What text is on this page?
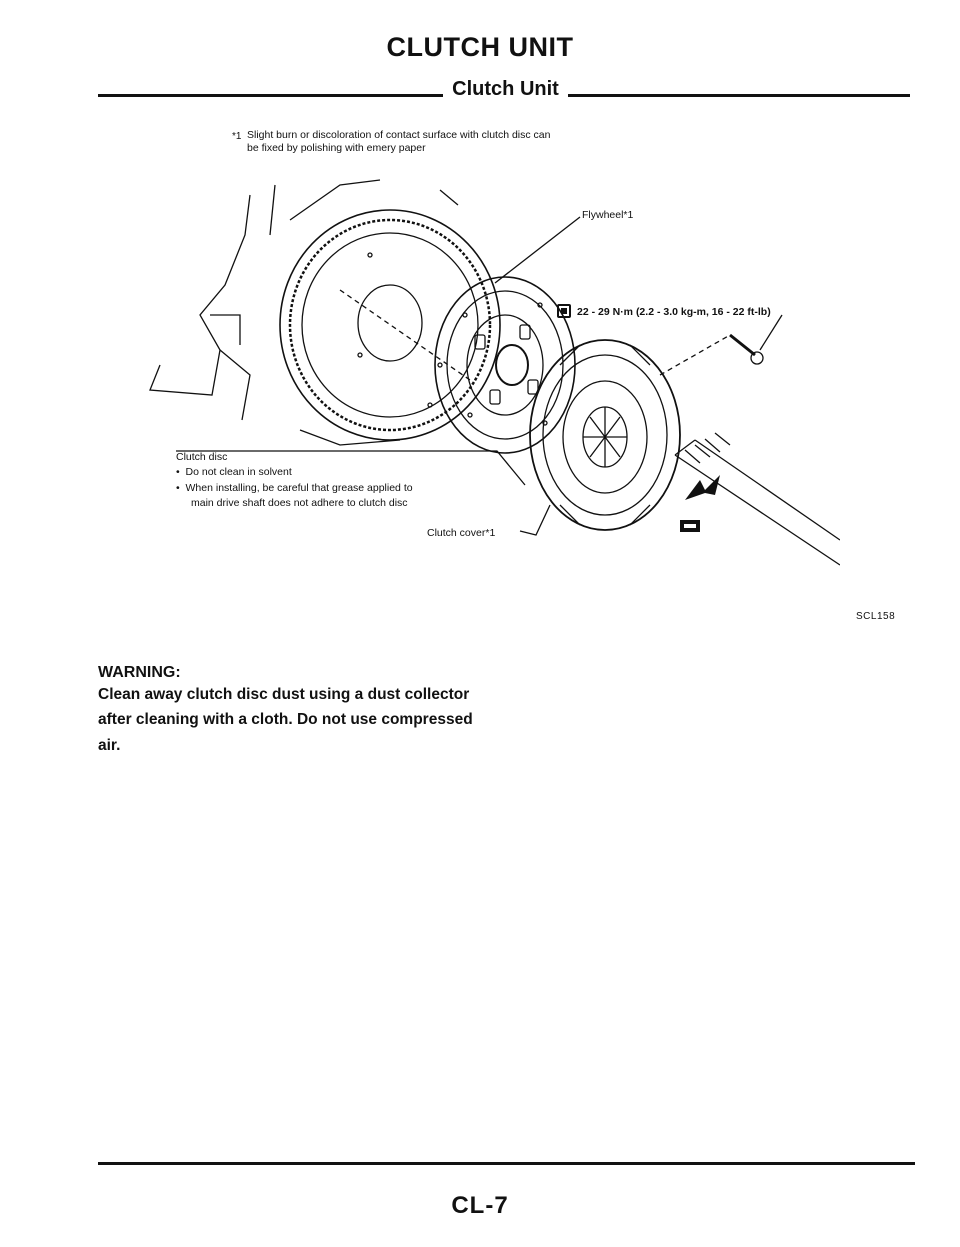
CLUTCH UNIT
Clutch Unit
*1 Slight burn or discoloration of contact surface with clutch disc can be fixed by polishing with emery paper
Flywheel*1
22 - 29 N·m (2.2 - 3.0 kg-m, 16 - 22 ft-lb)
Clutch disc
•  Do not clean in solvent
•  When installing, be careful that grease applied to
main drive shaft does not adhere to clutch disc
Clutch cover*1
SCL158
WARNING:
Clean away clutch disc dust using a dust collector
after cleaning with a cloth. Do not use compressed
air.
CL-7
